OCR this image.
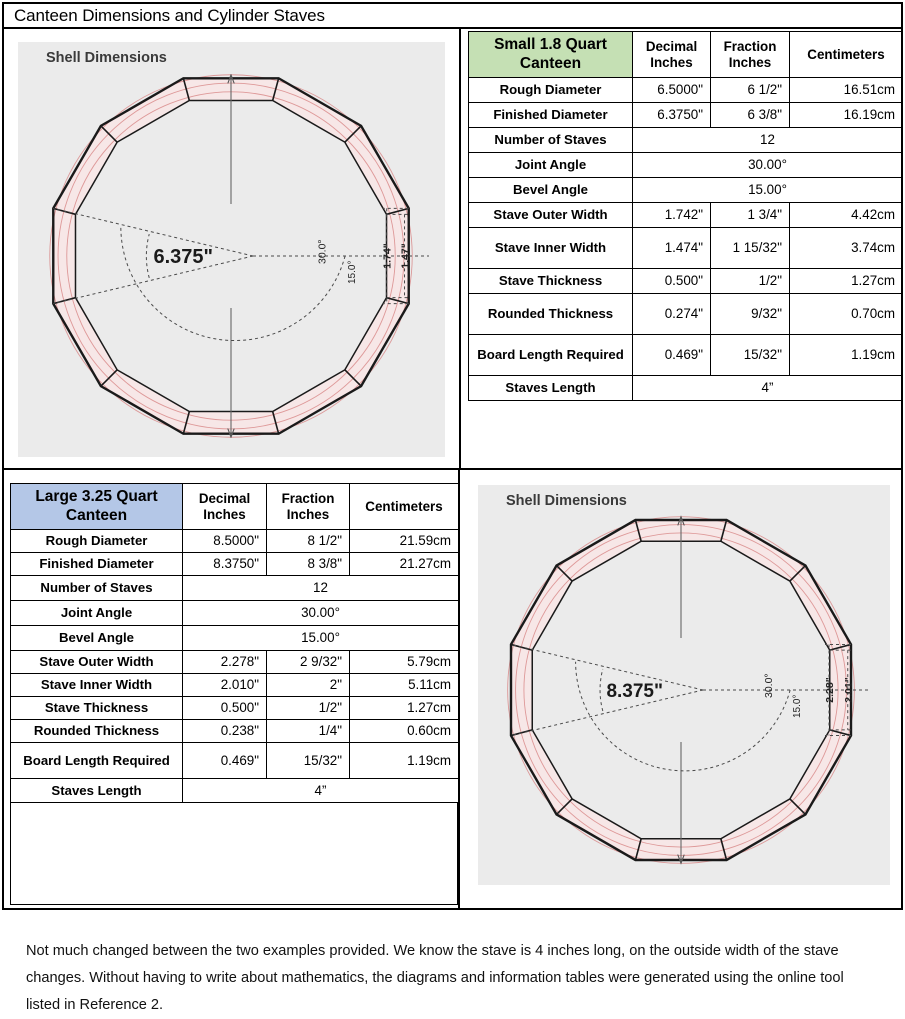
Canteen Dimensions and Cylinder Staves
Shell Dimensions
6.375"	30.0°
15.0°
1.74" 1.47"
Small 1.8 Quart Canteen	Decimal Inches	Fraction Inches	Centimeters
Rough Diameter	6.5000"	6 1/2"	16.51cm
Finished Diameter	6.3750"	6 3/8"	16.19cm
Number of Staves	12		
Joint Angle	30.00°		
Bevel Angle	15.00°		
Stave Outer Width	1.742"	1 3/4"	4.42cm
Stave Inner Width	1.474"	1 15/32"	3.74cm
Stave Thickness	0.500"	1/2"	1.27cm
Rounded Thickness	0.274"	9/32"	0.70cm
Board Length Required	0.469"	15/32"	1.19cm
Staves Length	4”		
Large 3.25 Quart Canteen	Decimal Inches	Fraction Inches	Centimeters
Rough Diameter	8.5000"	8 1/2"	21.59cm
Finished Diameter	8.3750"	8 3/8"	21.27cm
Number of Staves	12		
Joint Angle	30.00°		
Bevel Angle	15.00°		
Stave Outer Width	2.278"	2 9/32"	5.79cm
Stave Inner Width	2.010"	2"	5.11cm
Stave Thickness	0.500"	1/2"	1.27cm
Rounded Thickness	0.238"	1/4"	0.60cm
Board Length Required	0.469"	15/32"	1.19cm
Staves Length	4”		
Shell Dimensions
8.375"	30.0°
15.0°
2.28" 2.01"
Not much changed between the two examples provided. We know the stave is 4 inches long, on the outside width of the stave changes. Without having to write about mathematics, the diagrams and information tables were generated using the online tool listed in Reference 2.
